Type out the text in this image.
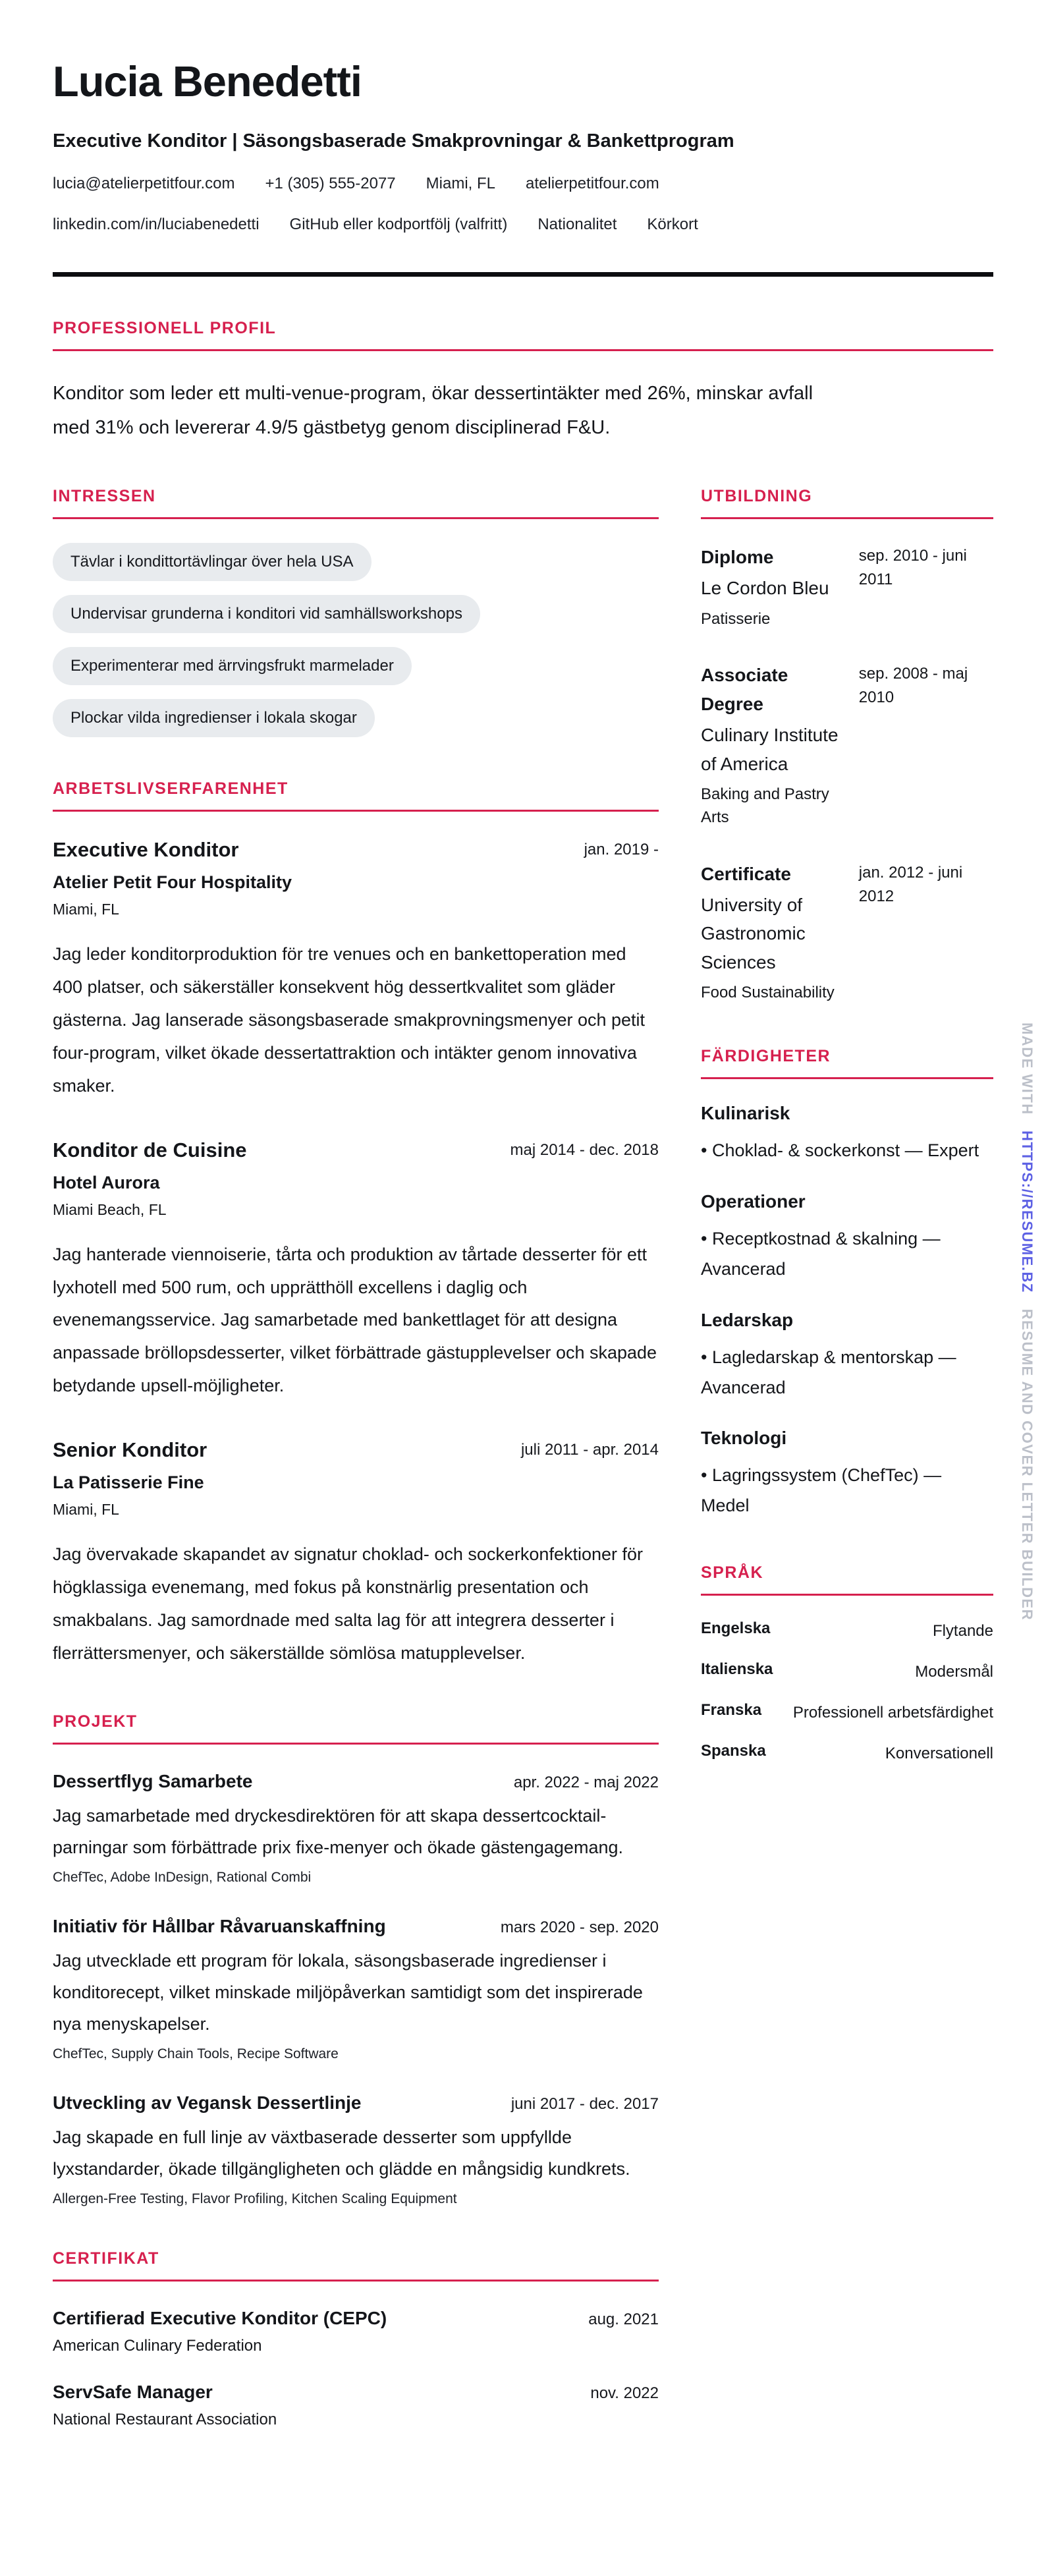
Lucia Benedetti
Executive Konditor | Säsongsbaserade Smakprovningar & Bankettprogram
lucia@atelierpetitfour.com +1 (305) 555-2077 Miami, FL atelierpetitfour.com
linkedin.com/in/luciabenedetti GitHub eller kodportfölj (valfritt) Nationalitet Körkort
PROFESSIONELL PROFIL
Konditor som leder ett multi-venue-program, ökar dessertintäkter med 26%, minskar avfall med 31% och levererar 4.9/5 gästbetyg genom disciplinerad F&U.
INTRESSEN
Tävlar i kondittortävlingar över hela USA
Undervisar grunderna i konditori vid samhällsworkshops
Experimenterar med ärrvingsfrukt marmelader
Plockar vilda ingredienser i lokala skogar
ARBETSLIVSERFARENHET
Executive Konditor	jan. 2019 -
Atelier Petit Four Hospitality
Miami, FL
Jag leder konditorproduktion för tre venues och en bankettoperation med 400 platser, och säkerställer konsekvent hög dessertkvalitet som gläder gästerna. Jag lanserade säsongsbaserade smakprovningsmenyer och petit four-program, vilket ökade dessertattraktion och intäkter genom innovativa smaker.
Konditor de Cuisine	maj 2014 - dec. 2018
Hotel Aurora
Miami Beach, FL
Jag hanterade viennoiserie, tårta och produktion av tårtade desserter för ett lyxhotell med 500 rum, och upprätthöll excellens i daglig och evenemangsservice. Jag samarbetade med bankettlaget för att designa anpassade bröllopsdesserter, vilket förbättrade gästupplevelser och skapade betydande upsell-möjligheter.
Senior Konditor	juli 2011 - apr. 2014
La Patisserie Fine
Miami, FL
Jag övervakade skapandet av signatur choklad- och sockerkonfektioner för högklassiga evenemang, med fokus på konstnärlig presentation och smakbalans. Jag samordnade med salta lag för att integrera desserter i flerrättersmenyer, och säkerställde sömlösa matupplevelser.
PROJEKT
Dessertflyg Samarbete	apr. 2022 - maj 2022
Jag samarbetade med dryckesdirektören för att skapa dessertcocktail-parningar som förbättrade prix fixe-menyer och ökade gästengagemang.
ChefTec, Adobe InDesign, Rational Combi
Initiativ för Hållbar Råvaruanskaffning	mars 2020 - sep. 2020
Jag utvecklade ett program för lokala, säsongsbaserade ingredienser i konditorecept, vilket minskade miljöpåverkan samtidigt som det inspirerade nya menyskapelser.
ChefTec, Supply Chain Tools, Recipe Software
Utveckling av Vegansk Dessertlinje	juni 2017 - dec. 2017
Jag skapade en full linje av växtbaserade desserter som uppfyllde lyxstandarder, ökade tillgängligheten och glädde en mångsidig kundkrets.
Allergen-Free Testing, Flavor Profiling, Kitchen Scaling Equipment
CERTIFIKAT
Certifierad Executive Konditor (CEPC)	aug. 2021
American Culinary Federation
ServSafe Manager	nov. 2022
National Restaurant Association
UTBILDNING
Diplome
Le Cordon Bleu
Patisserie
sep. 2010 - juni 2011
Associate Degree
Culinary Institute of America
Baking and Pastry Arts
sep. 2008 - maj 2010
Certificate
University of Gastronomic Sciences
Food Sustainability
jan. 2012 - juni 2012
FÄRDIGHETER
Kulinarisk
• Choklad- & sockerkonst — Expert
Operationer
• Receptkostnad & skalning — Avancerad
Ledarskap
• Lagledarskap & mentorskap — Avancerad
Teknologi
• Lagringssystem (ChefTec) — Medel
SPRÅK
Engelska	Flytande
Italienska	Modersmål
Franska Professionell arbetsfärdighet
Spanska	Konversationell
MADE WITH HTTPS://RESUME.BZ RESUME AND COVER LETTER BUILDER
